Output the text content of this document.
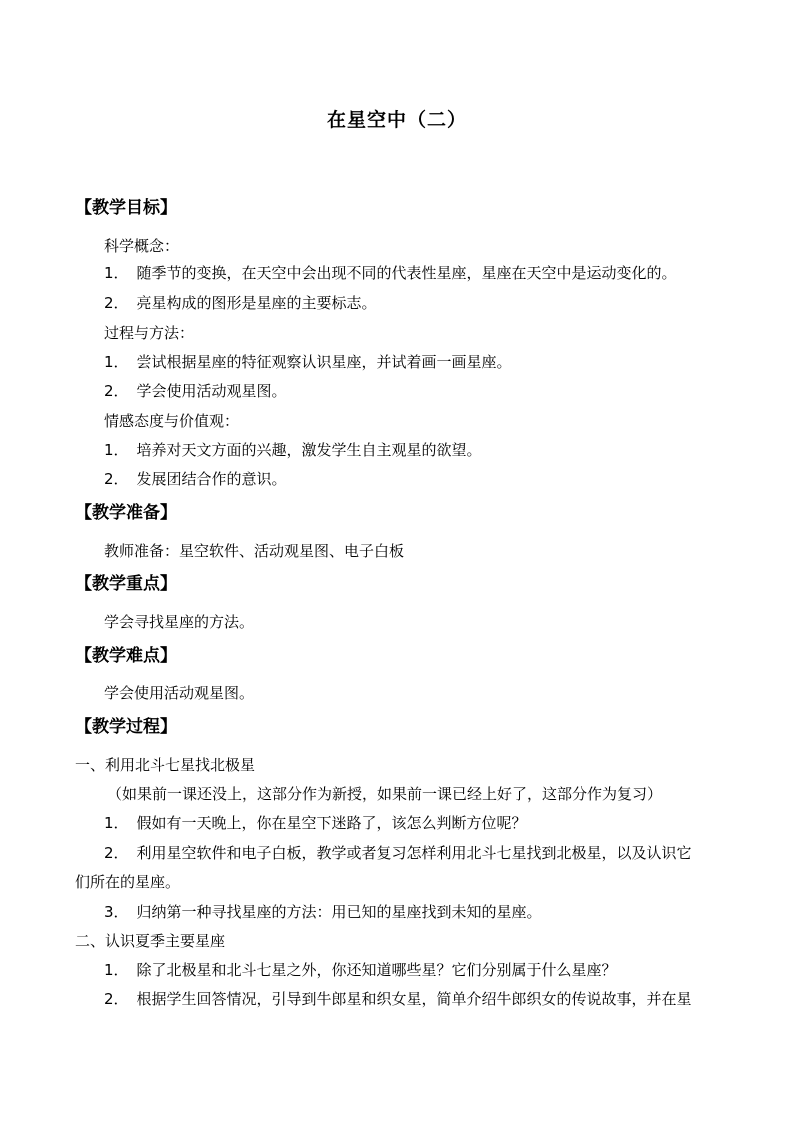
在星空中（二）
【教学目标】
科学概念：
1． 随季节的变换，在天空中会出现不同的代表性星座，星座在天空中是运动变化的。
2． 亮星构成的图形是星座的主要标志。
过程与方法：
1． 尝试根据星座的特征观察认识星座，并试着画一画星座。
2． 学会使用活动观星图。
情感态度与价值观：
1． 培养对天文方面的兴趣，激发学生自主观星的欲望。
2． 发展团结合作的意识。
【教学准备】
教师准备：星空软件、活动观星图、电子白板
【教学重点】
学会寻找星座的方法。
【教学难点】
学会使用活动观星图。
【教学过程】
一、利用北斗七星找北极星
（如果前一课还没上，这部分作为新授，如果前一课已经上好了，这部分作为复习）
1． 假如有一天晚上，你在星空下迷路了，该怎么判断方位呢？
2． 利用星空软件和电子白板，教学或者复习怎样利用北斗七星找到北极星，以及认识它
们所在的星座。
3． 归纳第一种寻找星座的方法：用已知的星座找到未知的星座。
二、认识夏季主要星座
1． 除了北极星和北斗七星之外，你还知道哪些星？它们分别属于什么星座？
2． 根据学生回答情况，引导到牛郎星和织女星，简单介绍牛郎织女的传说故事，并在星
